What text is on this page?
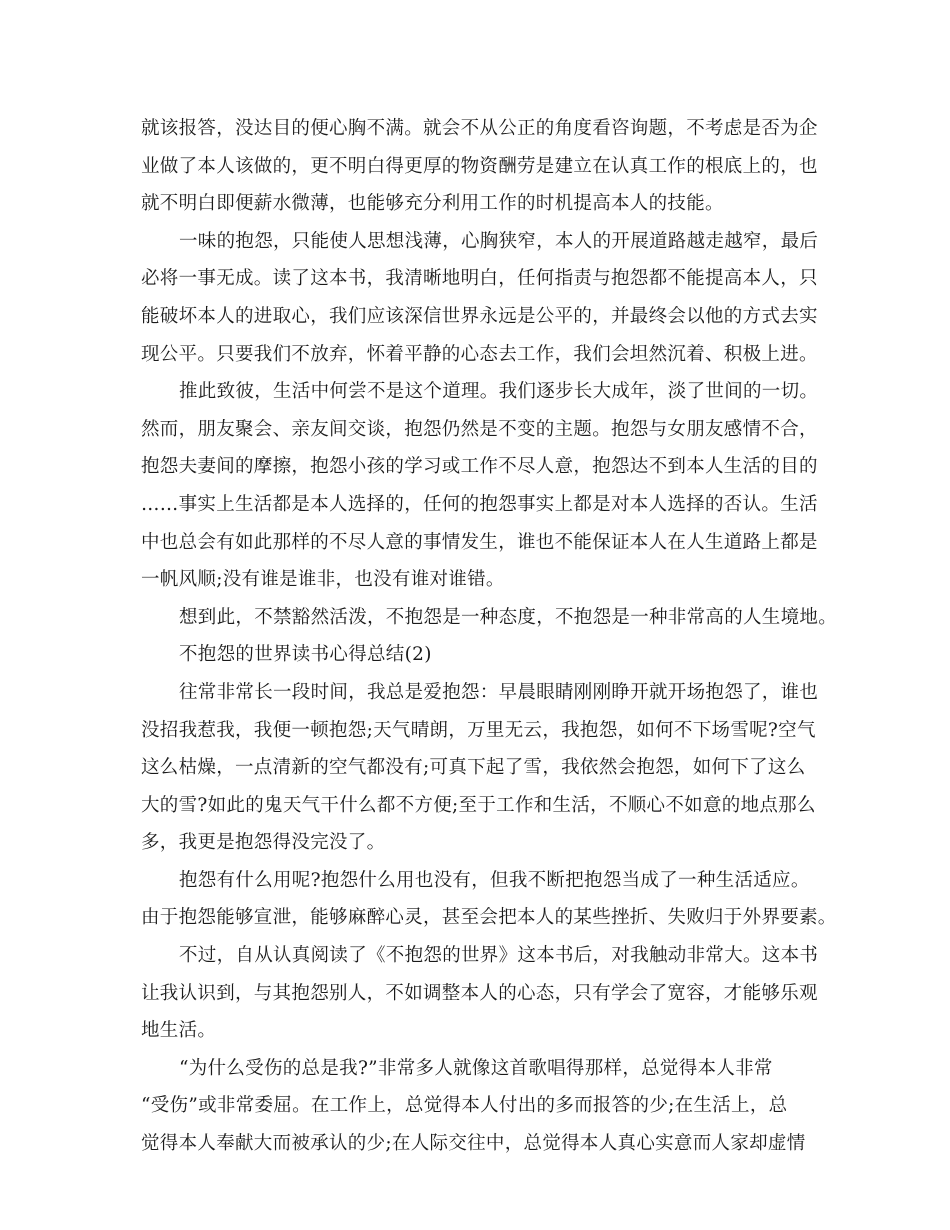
就该报答，没达目的便心胸不满。就会不从公正的角度看咨询题，不考虑是否为企
业做了本人该做的，更不明白得更厚的物资酬劳是建立在认真工作的根底上的，也
就不明白即便薪水微薄，也能够充分利用工作的时机提高本人的技能。
一味的抱怨，只能使人思想浅薄，心胸狭窄，本人的开展道路越走越窄，最后
必将一事无成。读了这本书，我清晰地明白，任何指责与抱怨都不能提高本人，只
能破坏本人的进取心，我们应该深信世界永远是公平的，并最终会以他的方式去实
现公平。只要我们不放弃，怀着平静的心态去工作，我们会坦然沉着、积极上进。
推此致彼，生活中何尝不是这个道理。我们逐步长大成年，淡了世间的一切。
然而，朋友聚会、亲友间交谈，抱怨仍然是不变的主题。抱怨与女朋友感情不合，
抱怨夫妻间的摩擦，抱怨小孩的学习或工作不尽人意，抱怨达不到本人生活的目的
……事实上生活都是本人选择的，任何的抱怨事实上都是对本人选择的否认。生活
中也总会有如此那样的不尽人意的事情发生，谁也不能保证本人在人生道路上都是
一帆风顺;没有谁是谁非，也没有谁对谁错。
想到此，不禁豁然活泼，不抱怨是一种态度，不抱怨是一种非常高的人生境地。
不抱怨的世界读书心得总结(2)
往常非常长一段时间，我总是爱抱怨：早晨眼睛刚刚睁开就开场抱怨了，谁也
没招我惹我，我便一顿抱怨;天气晴朗，万里无云，我抱怨，如何不下场雪呢?空气
这么枯燥，一点清新的空气都没有;可真下起了雪，我依然会抱怨，如何下了这么
大的雪?如此的鬼天气干什么都不方便;至于工作和生活，不顺心不如意的地点那么
多，我更是抱怨得没完没了。
抱怨有什么用呢?抱怨什么用也没有，但我不断把抱怨当成了一种生活适应。
由于抱怨能够宣泄，能够麻醉心灵，甚至会把本人的某些挫折、失败归于外界要素。
不过，自从认真阅读了《不抱怨的世界》这本书后，对我触动非常大。这本书
让我认识到，与其抱怨别人，不如调整本人的心态，只有学会了宽容，才能够乐观
地生活。
“为什么受伤的总是我?”非常多人就像这首歌唱得那样，总觉得本人非常
“受伤”或非常委屈。在工作上，总觉得本人付出的多而报答的少;在生活上，总
觉得本人奉献大而被承认的少;在人际交往中，总觉得本人真心实意而人家却虚情
